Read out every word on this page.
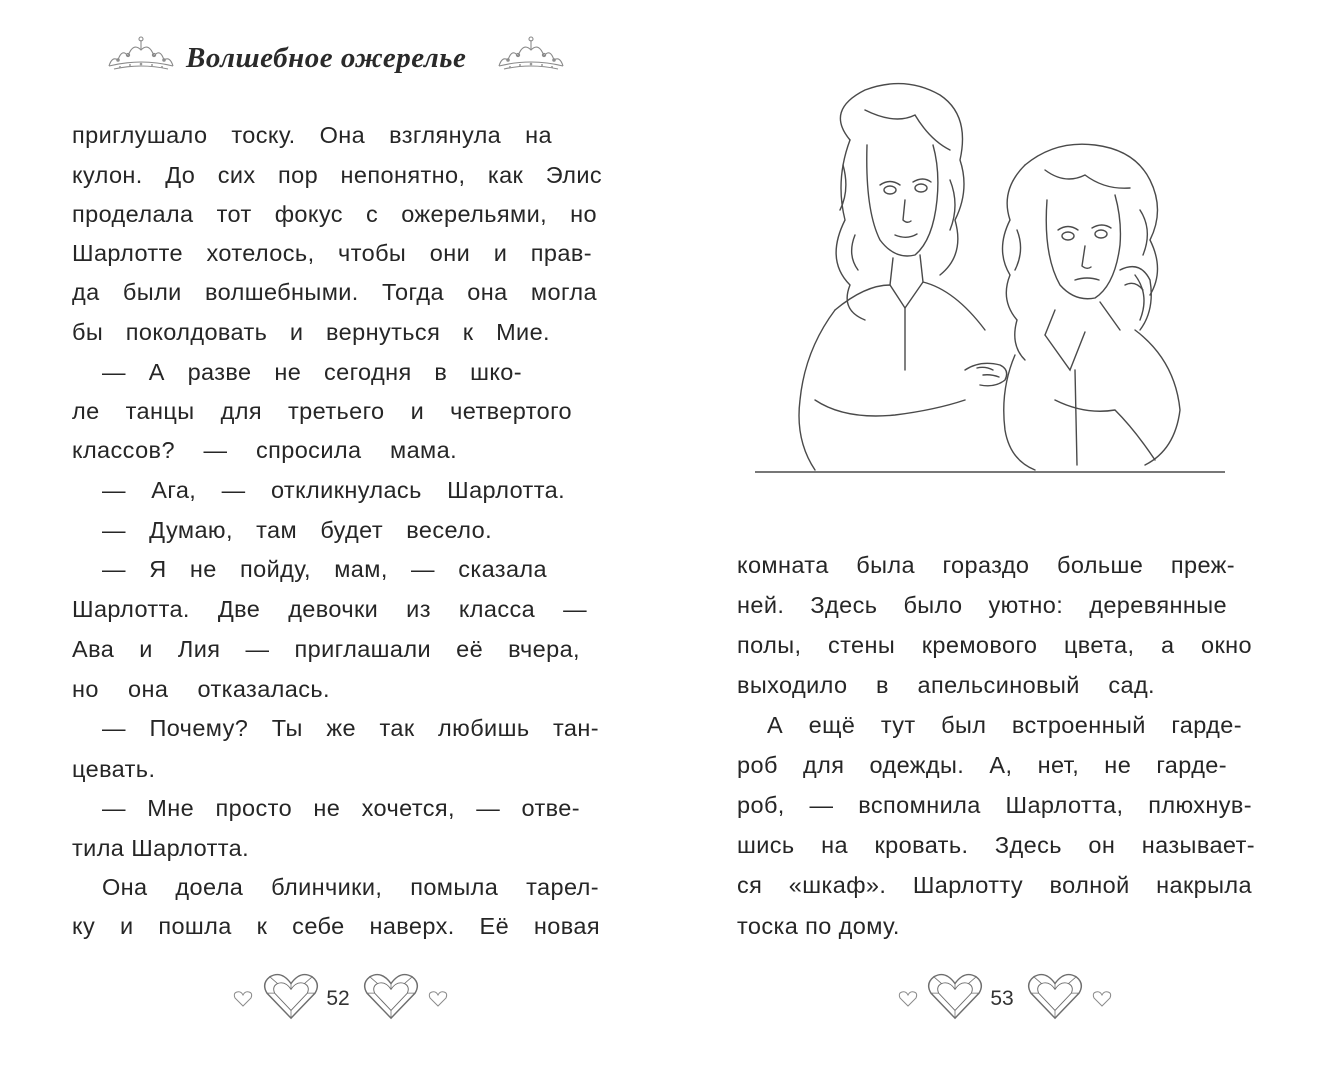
Волшебное ожерелье
приглушало тоску. Она взглянула на
кулон. До сих пор непонятно, как Элис
проделала тот фокус с ожерельями, но
Шарлотте хотелось, чтобы они и прав-
да были волшебными. Тогда она могла
бы поколдовать и вернуться к Мие.
— А разве не сегодня в шко-
ле танцы для третьего и четвертого
классов? — спросила мама.
— Ага, — откликнулась Шарлотта.
— Думаю, там будет весело.
— Я не пойду, мам, — сказала
Шарлотта. Две девочки из класса —
Ава и Лия — приглашали её вчера,
но она отказалась.
— Почему? Ты же так любишь тан-
цевать.
— Мне просто не хочется, — отве-
тила Шарлотта.
Она доела блинчики, помыла тарел-
ку и пошла к себе наверх. Её новая
52
комната была гораздо больше преж-
ней. Здесь было уютно: деревянные
полы, стены кремового цвета, а окно
выходило в апельсиновый сад.
А ещё тут был встроенный гарде-
роб для одежды. А, нет, не гарде-
роб, — вспомнила Шарлотта, плюхнув-
шись на кровать. Здесь он называет-
ся «шкаф». Шарлотту волной накрыла
тоска по дому.
53
